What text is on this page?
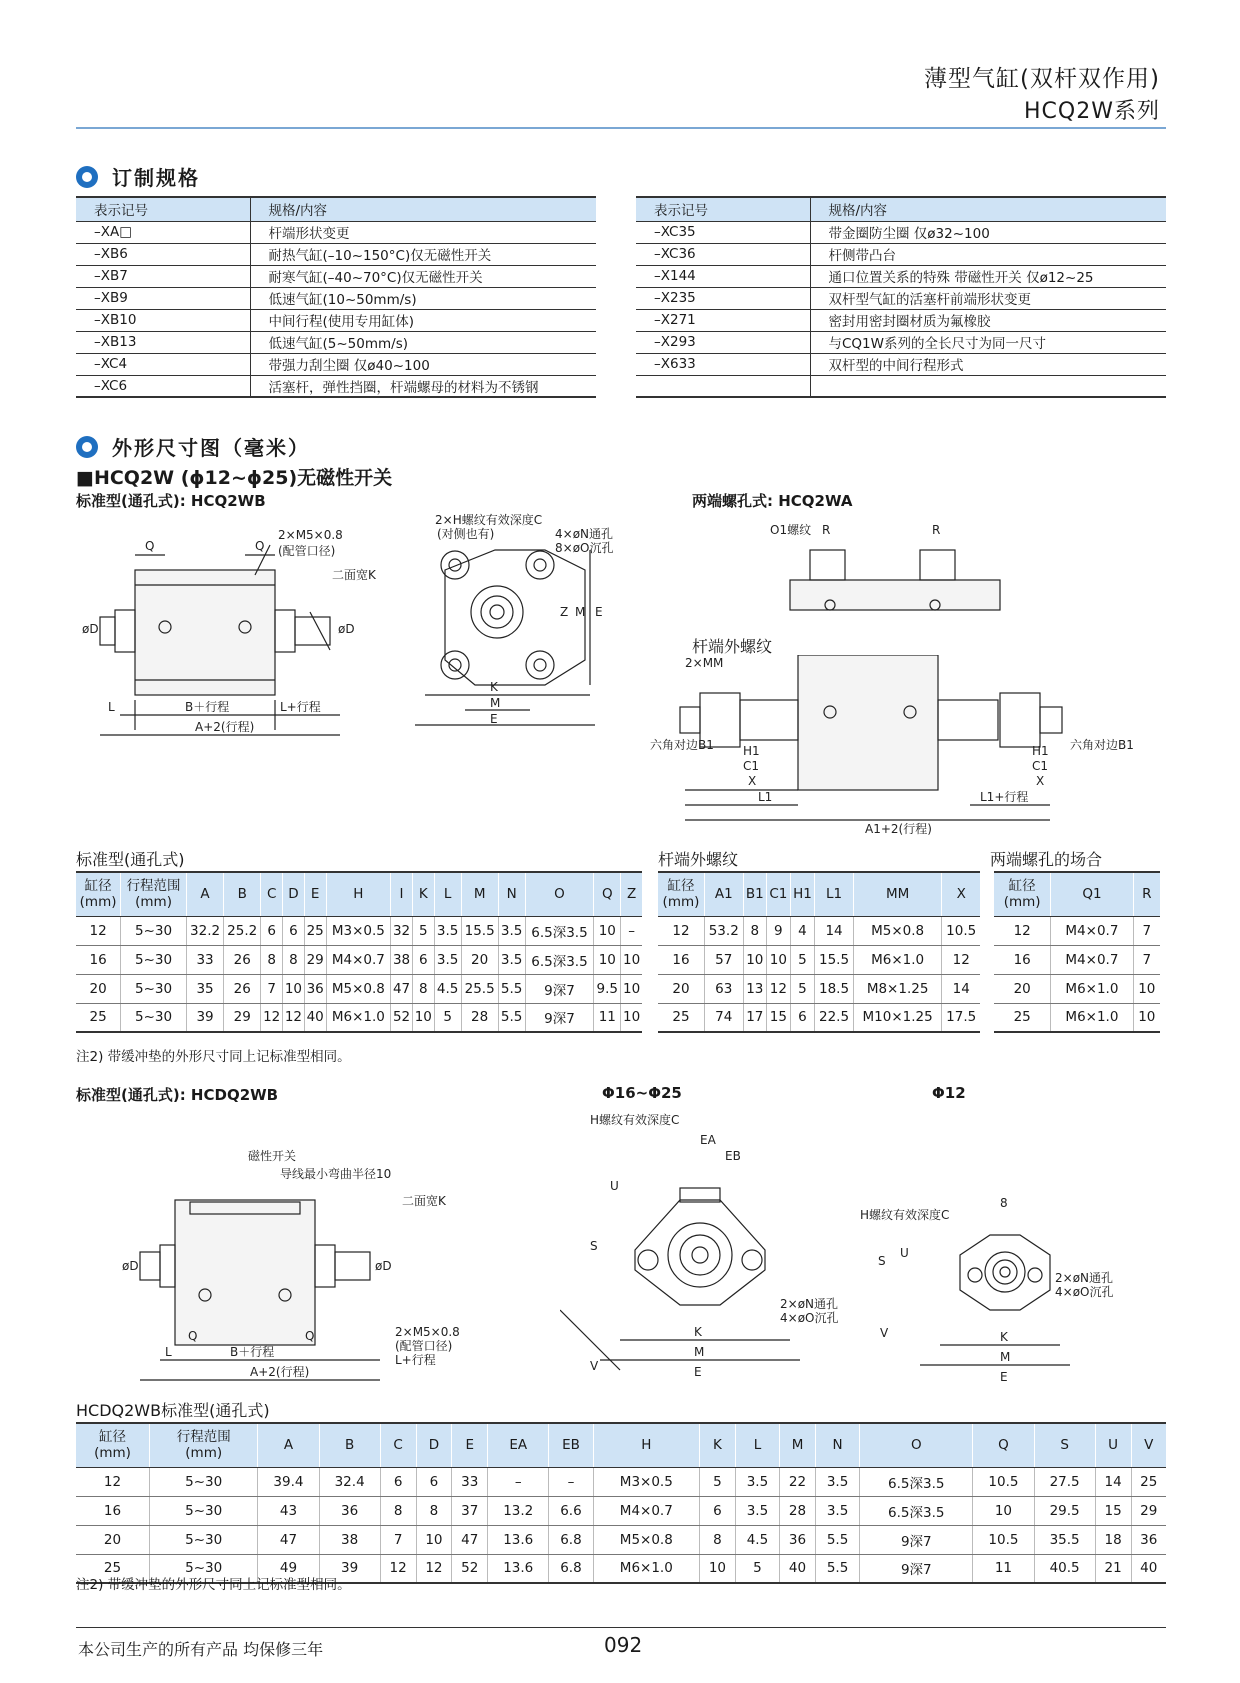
薄型气缸(双杆双作用)
HCQ2W系列
订制规格
表示记号	规格/内容
–XA□	杆端形状变更
–XB6	耐热气缸(–10~150°C)仅无磁性开关
–XB7	耐寒气缸(–40~70°C)仅无磁性开关
–XB9	低速气缸(10~50mm/s)
–XB10	中间行程(使用专用缸体)
–XB13	低速气缸(5~50mm/s)
–XC4	带强力刮尘圈 仅ø40~100
–XC6	活塞杆，弹性挡圈，杆端螺母的材料为不锈钢
表示记号	规格/内容
–XC35	带金圈防尘圈 仅ø32~100
–XC36	杆侧带凸台
–X144	通口位置关系的特殊 带磁性开关 仅ø12~25
–X235	双杆型气缸的活塞杆前端形状变更
–X271	密封用密封圈材质为氟橡胶
–X293	与CQ1W系列的全长尺寸为同一尺寸
–X633	双杆型的中间行程形式

外形尺寸图（毫米）
■HCQ2W (ϕ12~ϕ25)无磁性开关
标准型(通孔式): HCQ2WB	两端螺孔式: HCQ2WA
Q	Q
2×M5×0.8
(配管口径)
二面宽K
L	B＋行程	L+行程
A+2(行程)
øD	øD
2×H螺纹有效深度C
(对侧也有)	4×øN通孔
8×øO沉孔
K
M
E
Z M E
O1螺纹 R	R
杆端外螺纹
2×MM
六角对边B1	六角对边B1
H1
C1
X
L1
H1
C1
X
L1+行程
A1+2(行程)
标准型(通孔式)	杆端外螺纹	两端螺孔的场合
缸径
(mm)	行程范围
(mm)	A	B	C	D	E	H	I	K	L	M	N	O	Q	Z
12	5~30	32.2	25.2	6	6	25	M3×0.5	32	5	3.5	15.5	3.5	6.5深3.5	10	–
16	5~30	33	26	8	8	29	M4×0.7	38	6	3.5	20	3.5	6.5深3.5	10	10
20	5~30	35	26	7	10	36	M5×0.8	47	8	4.5	25.5	5.5	9深7	9.5	10
25	5~30	39	29	12	12	40	M6×1.0	52	10	5	28	5.5	9深7	11	10
缸径
(mm)	A1	B1	C1	H1	L1	MM	X
12	53.2	8	9	4	14	M5×0.8	10.5
16	57	10	10	5	15.5	M6×1.0	12
20	63	13	12	5	18.5	M8×1.25	14
25	74	17	15	6	22.5	M10×1.25	17.5
缸径
(mm)	Q1	R
12	M4×0.7	7
16	M4×0.7	7
20	M6×1.0	10
25	M6×1.0	10
注2) 带缓冲垫的外形尺寸同上记标准型相同。
标准型(通孔式): HCDQ2WB	Φ16~Φ25	Φ12
磁性开关
导线最小弯曲半径10
二面宽K
øD	øD
Q	Q	2×M5×0.8
(配管口径)
L	B＋行程
L+行程
A+2(行程)
H螺纹有效深度C
EA
EB
U
S
V
2×øN通孔
4×øO沉孔
K
M
E
8
H螺纹有效深度C
U
S
V
2×øN通孔
4×øO沉孔
K
M
E
HCDQ2WB标准型(通孔式)
缸径
(mm)	行程范围
(mm)	A	B	C	D	E	EA	EB	H	K	L	M	N	O	Q	S	U	V
12	5~30	39.4	32.4	6	6	33	–	–	M3×0.5	5	3.5	22	3.5	6.5深3.5	10.5	27.5	14	25
16	5~30	43	36	8	8	37	13.2	6.6	M4×0.7	6	3.5	28	3.5	6.5深3.5	10	29.5	15	29
20	5~30	47	38	7	10	47	13.6	6.8	M5×0.8	8	4.5	36	5.5	9深7	10.5	35.5	18	36
25	5~30	49	39	12	12	52	13.6	6.8	M6×1.0	10	5	40	5.5	9深7	11	40.5	21	40
注2) 带缓冲垫的外形尺寸同上记标准型相同。
本公司生产的所有产品 均保修三年	092
